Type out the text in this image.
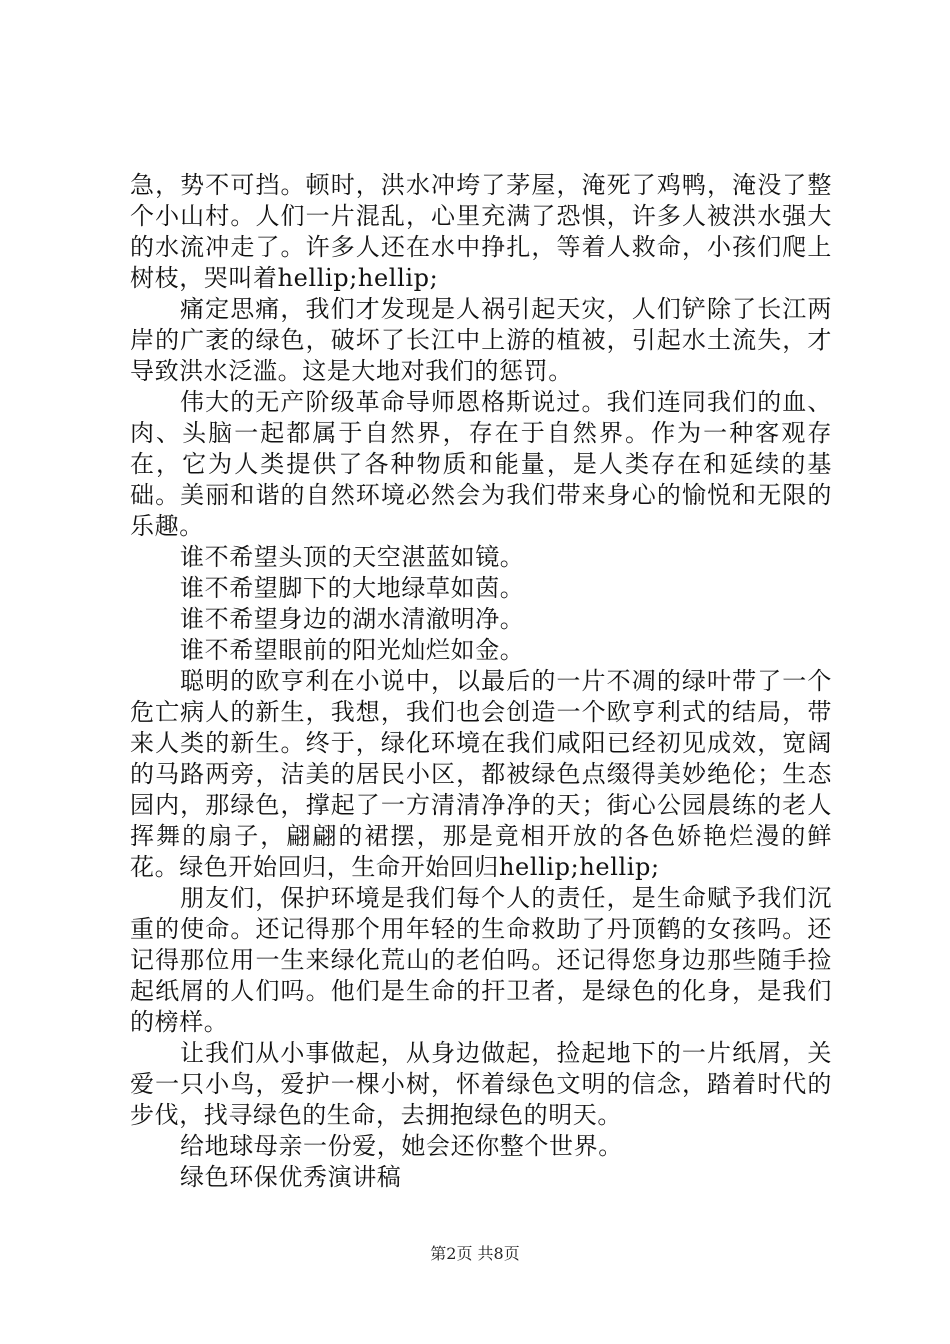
急，势不可挡。顿时，洪水冲垮了茅屋，淹死了鸡鸭，淹没了整个小山村。人们一片混乱，心里充满了恐惧，许多人被洪水强大的水流冲走了。许多人还在水中挣扎，等着人救命，小孩们爬上树枝，哭叫着hellip;hellip;

痛定思痛，我们才发现是人祸引起天灾，人们铲除了长江两岸的广袤的绿色，破坏了长江中上游的植被，引起水土流失，才导致洪水泛滥。这是大地对我们的惩罚。

伟大的无产阶级革命导师恩格斯说过。我们连同我们的血、肉、头脑一起都属于自然界，存在于自然界。作为一种客观存在，它为人类提供了各种物质和能量，是人类存在和延续的基础。美丽和谐的自然环境必然会为我们带来身心的愉悦和无限的乐趣。

谁不希望头顶的天空湛蓝如镜。

谁不希望脚下的大地绿草如茵。

谁不希望身边的湖水清澈明净。

谁不希望眼前的阳光灿烂如金。

聪明的欧亨利在小说中，以最后的一片不凋的绿叶带了一个危亡病人的新生，我想，我们也会创造一个欧亨利式的结局，带来人类的新生。终于，绿化环境在我们咸阳已经初见成效，宽阔的马路两旁，洁美的居民小区，都被绿色点缀得美妙绝伦；生态园内，那绿色，撑起了一方清清净净的天；街心公园晨练的老人挥舞的扇子，翩翩的裙摆，那是竟相开放的各色娇艳烂漫的鲜花。绿色开始回归，生命开始回归hellip;hellip;

朋友们，保护环境是我们每个人的责任，是生命赋予我们沉重的使命。还记得那个用年轻的生命救助了丹顶鹤的女孩吗。还记得那位用一生来绿化荒山的老伯吗。还记得您身边那些随手捡起纸屑的人们吗。他们是生命的扞卫者，是绿色的化身，是我们的榜样。

让我们从小事做起，从身边做起，捡起地下的一片纸屑，关爱一只小鸟，爱护一棵小树，怀着绿色文明的信念，踏着时代的步伐，找寻绿色的生命，去拥抱绿色的明天。

给地球母亲一份爱，她会还你整个世界。

绿色环保优秀演讲稿

第2页 共8页
